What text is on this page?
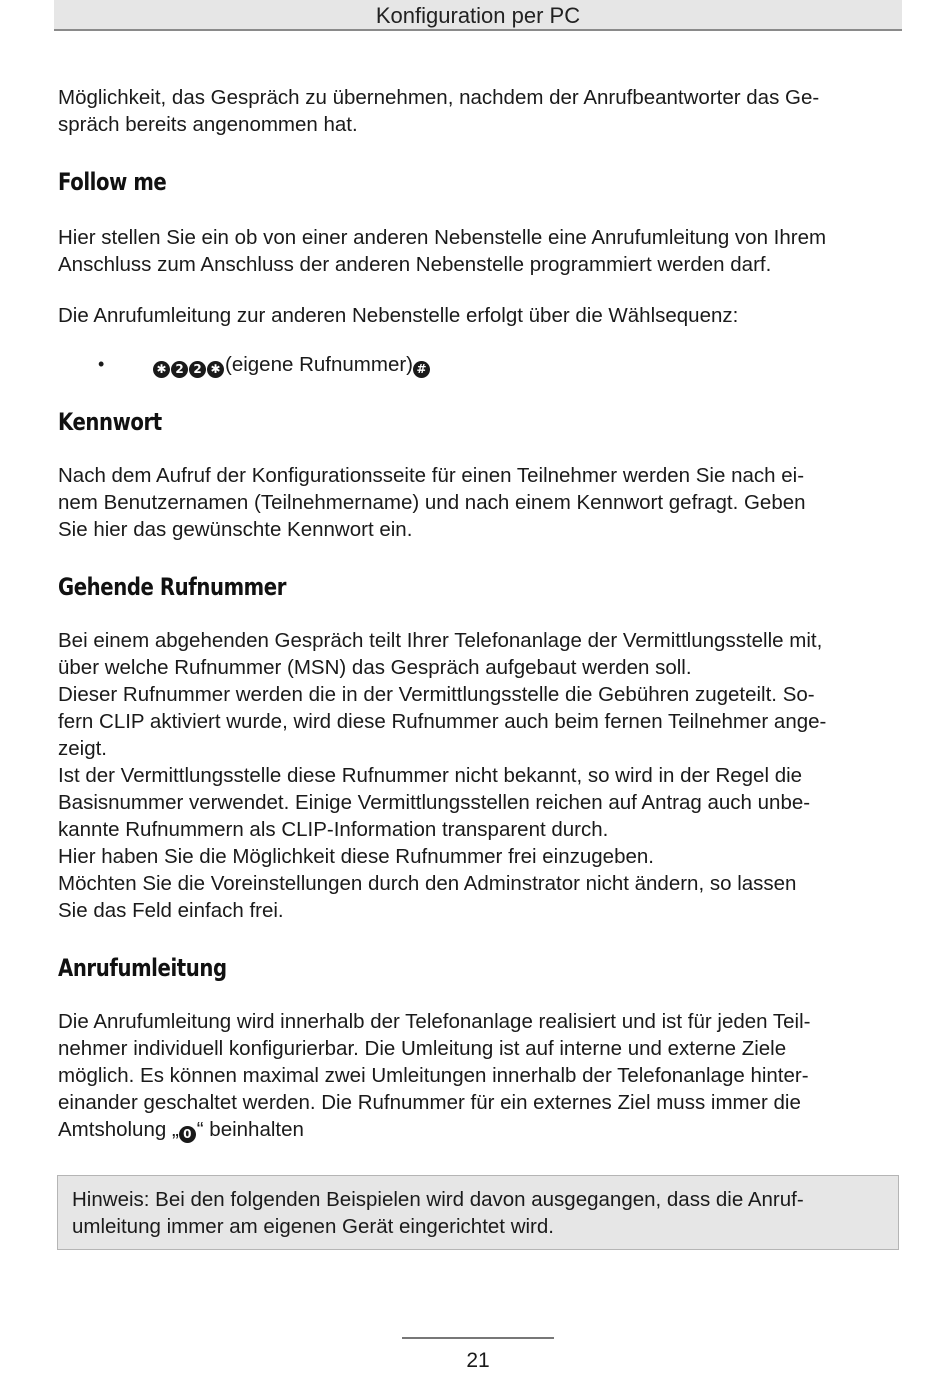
Konfiguration per PC

Möglichkeit, das Gespräch zu übernehmen, nachdem der Anrufbeantworter das Ge-
spräch bereits angenommen hat.

Follow me

Hier stellen Sie ein ob von einer anderen Nebenstelle eine Anrufumleitung von Ihrem
Anschluss zum Anschluss der anderen Nebenstelle programmiert werden darf.

Die Anrufumleitung zur anderen Nebenstelle erfolgt über die Wählsequenz:

•	✱ 2 2 ✱ (eigene Rufnummer) #
Kennwort

Nach dem Aufruf der Konfigurationsseite für einen Teilnehmer werden Sie nach ei-
nem Benutzernamen (Teilnehmername) und nach einem Kennwort gefragt. Geben
Sie hier das gewünschte Kennwort ein.

Gehende Rufnummer

Bei einem abgehenden Gespräch teilt Ihrer Telefonanlage der Vermittlungsstelle mit,
über welche Rufnummer (MSN) das Gespräch aufgebaut werden soll.
Dieser Rufnummer werden die in der Vermittlungsstelle die Gebühren zugeteilt. So-
fern CLIP aktiviert wurde, wird diese Rufnummer auch beim fernen Teilnehmer ange-
zeigt.
Ist der Vermittlungsstelle diese Rufnummer nicht bekannt, so wird in der Regel die
Basisnummer verwendet. Einige Vermittlungsstellen reichen auf Antrag auch unbe-
kannte Rufnummern als CLIP-Information transparent durch.
Hier haben Sie die Möglichkeit diese Rufnummer frei einzugeben.
Möchten Sie die Voreinstellungen durch den Adminstrator nicht ändern, so lassen
Sie das Feld einfach frei.

Anrufumleitung

Die Anrufumleitung wird innerhalb der Telefonanlage realisiert und ist für jeden Teil-
nehmer individuell konfigurierbar. Die Umleitung ist auf interne und externe Ziele
möglich. Es können maximal zwei Umleitungen innerhalb der Telefonanlage hinter-
einander geschaltet werden. Die Rufnummer für ein externes Ziel muss immer die
Amtsholung „ 0 “ beinhalten

Hinweis: Bei den folgenden Beispielen wird davon ausgegangen, dass die Anruf-
umleitung immer am eigenen Gerät eingerichtet wird.
21
